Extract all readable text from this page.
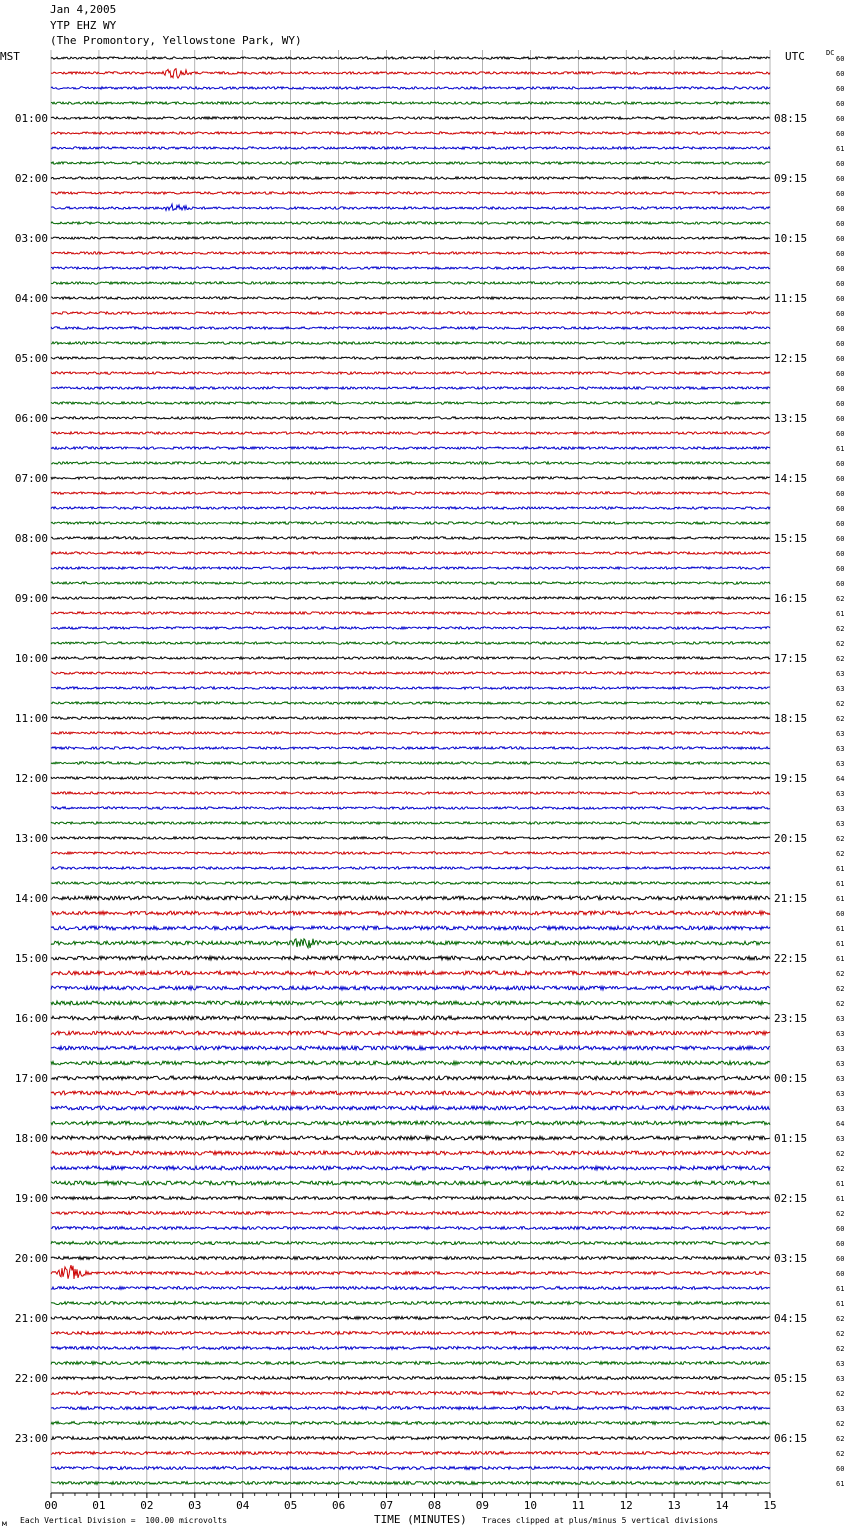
Jan 4,2005
YTP EHZ WY
(The Promontory, Yellowstone Park, WY)
MST	UTC	DC
60
60
60
60
60
60
61
60
60
60
60
60
60
60
60
60
60
60
60
60
60
60
60
60
60
60
61
60
60
60
60
60
60
60
60
60
62
61
62
62
62
63
63
62
62
63
63
63
64
63
63
63
62
62
61
61
61
60
61
61
61
62
62
62
63
63
63
63
63
63
63
64
63
62
62
61
61
62
60
60
60
60
61
61
62
62
62
63
63
62
63
62
62
62
60
61
01:00
02:00
03:00
04:00
05:00
06:00
07:00
08:00
09:00
10:00
11:00
12:00
13:00
14:00
15:00
16:00
17:00
18:00
19:00
20:00
21:00
22:00
23:00
08:15
09:15
10:15
11:15
12:15
13:15
14:15
15:15
16:15
17:15
18:15
19:15
20:15
21:15
22:15
23:15
00:15
01:15
02:15
03:15
04:15
05:15
06:15
00	01	02	03	04	05	06	07	08	09	10	11	12	13	14	15
м Each Vertical Division =  100.00 microvolts	TIME (MINUTES) Traces clipped at plus/minus 5 vertical divisions
